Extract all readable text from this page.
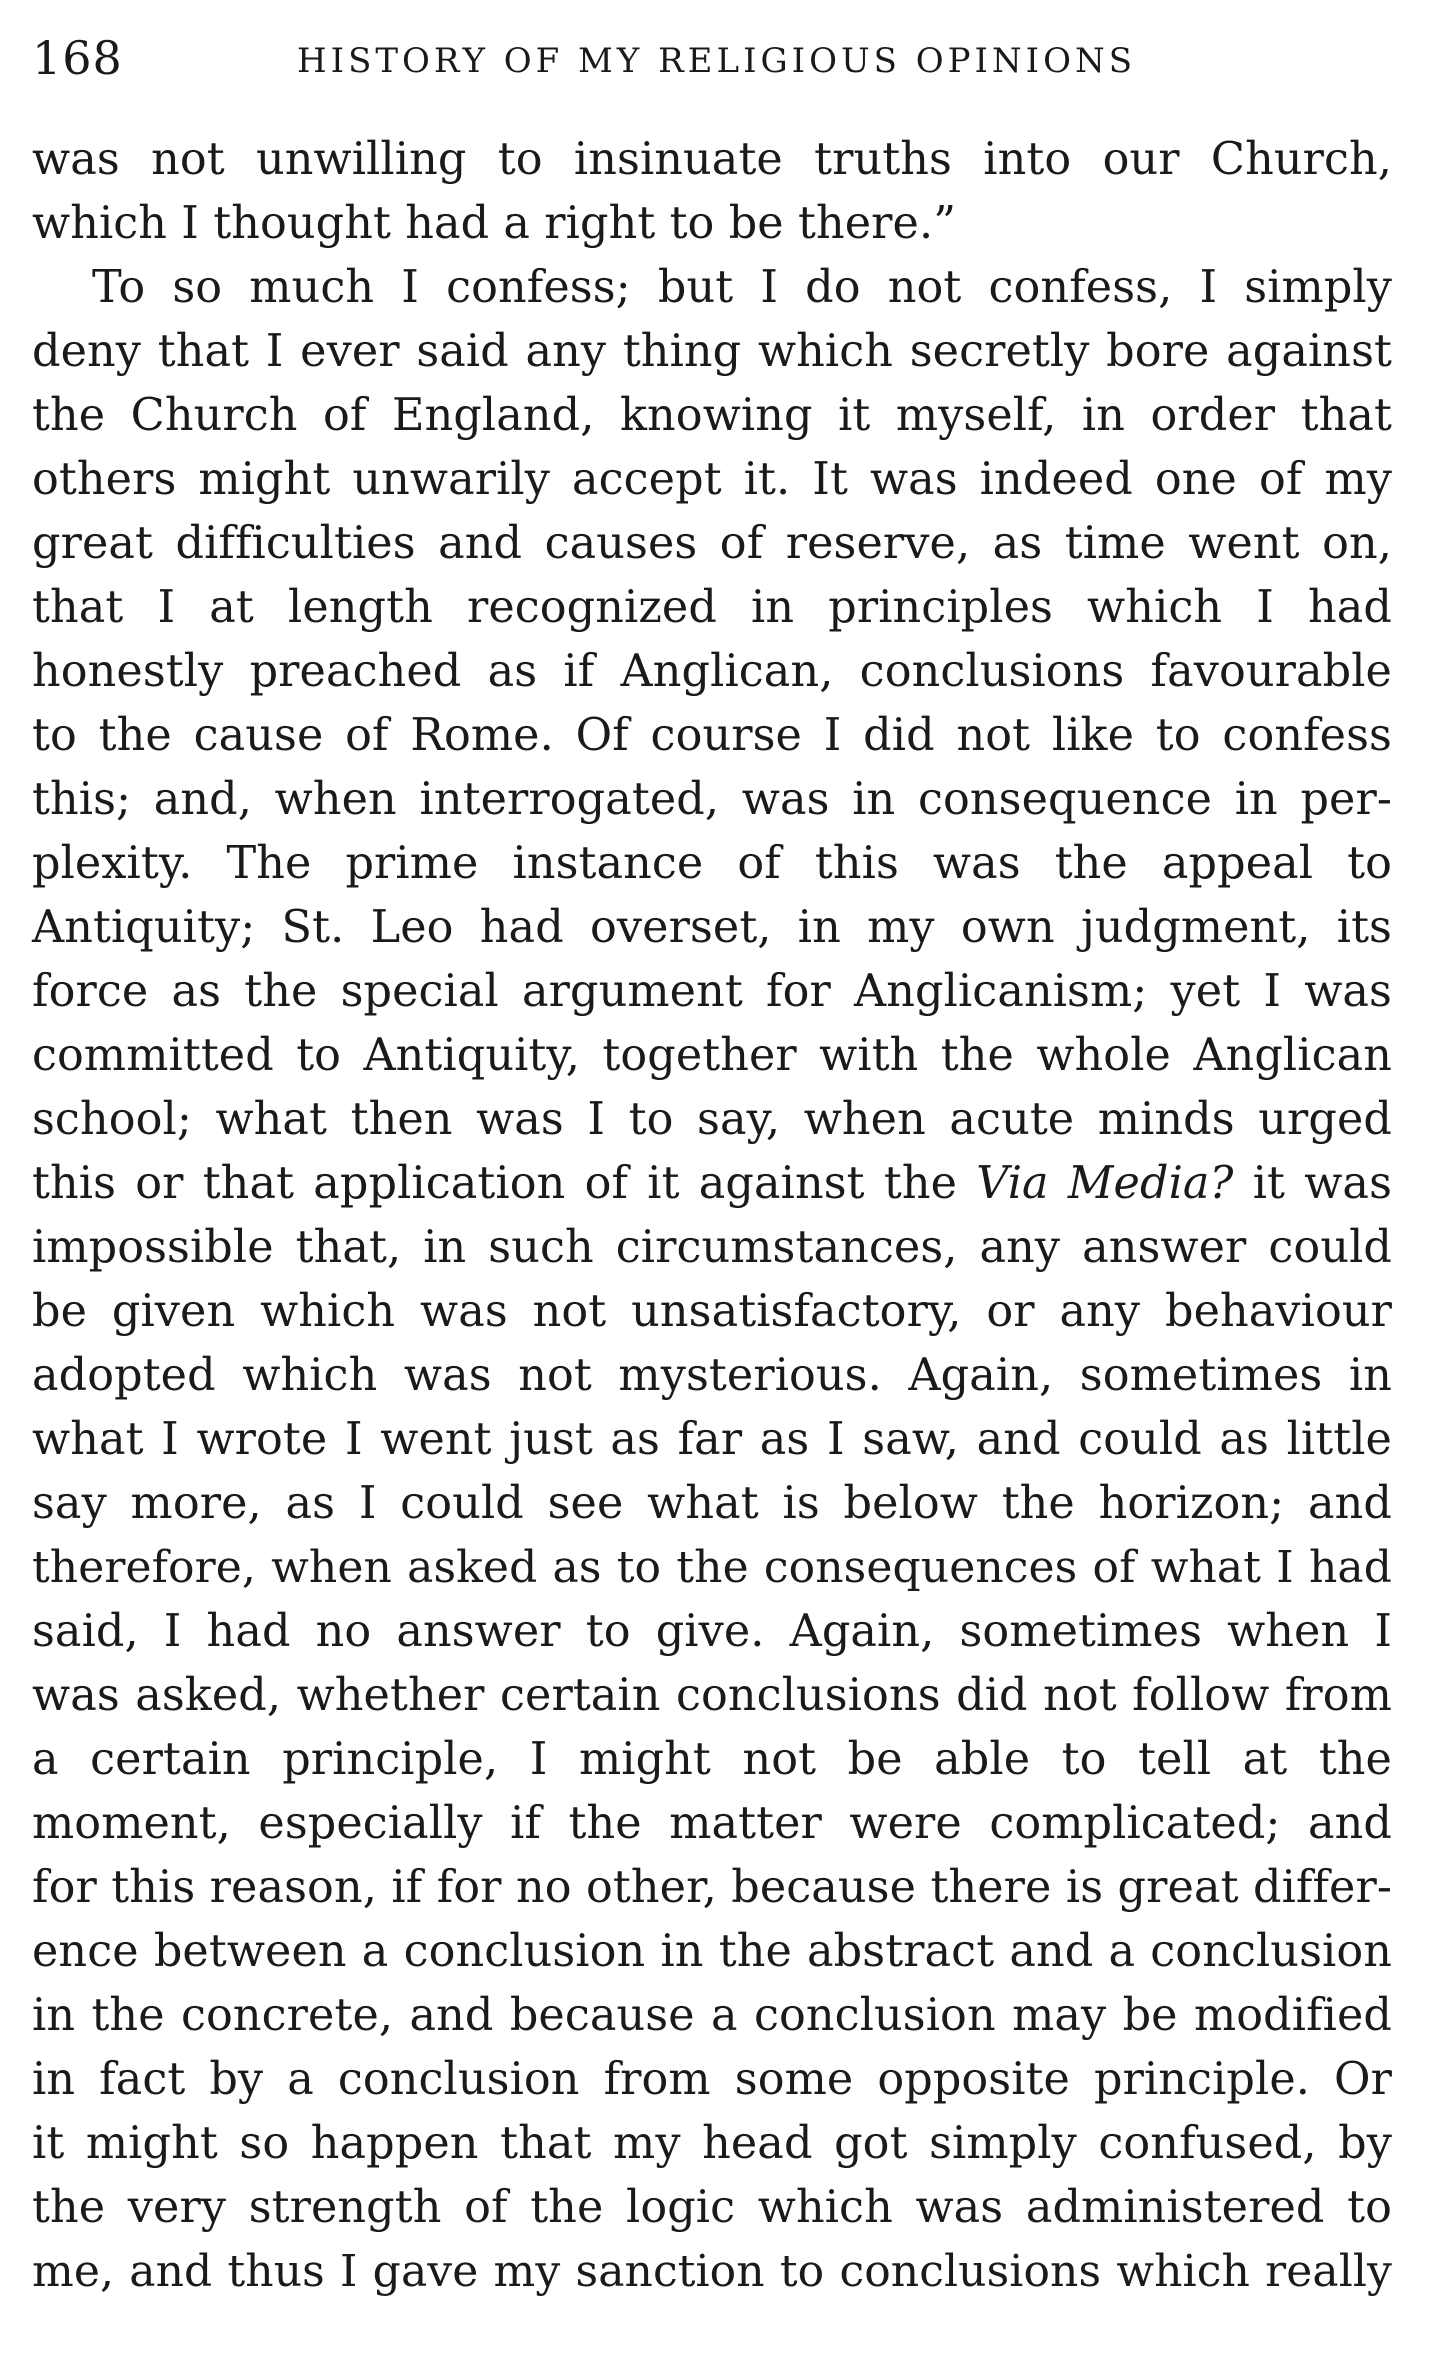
168	HISTORY OF MY RELIGIOUS OPINIONS
was not unwilling to insinuate truths into our Church,
which I thought had a right to be there.”
To so much I confess; but I do not confess, I simply
deny that I ever said any thing which secretly bore against
the Church of England, knowing it myself, in order that
others might unwarily accept it. It was indeed one of my
great difficulties and causes of reserve, as time went on,
that I at length recognized in principles which I had
honestly preached as if Anglican, conclusions favourable
to the cause of Rome. Of course I did not like to confess
this; and, when interrogated, was in consequence in per-
plexity. The prime instance of this was the appeal to
Antiquity; St. Leo had overset, in my own judgment, its
force as the special argument for Anglicanism; yet I was
committed to Antiquity, together with the whole Anglican
school; what then was I to say, when acute minds urged
this or that application of it against the Via Media? it was
impossible that, in such circumstances, any answer could
be given which was not unsatisfactory, or any behaviour
adopted which was not mysterious. Again, sometimes in
what I wrote I went just as far as I saw, and could as little
say more, as I could see what is below the horizon; and
therefore, when asked as to the consequences of what I had
said, I had no answer to give. Again, sometimes when I
was asked, whether certain conclusions did not follow from
a certain principle, I might not be able to tell at the
moment, especially if the matter were complicated; and
for this reason, if for no other, because there is great differ-
ence between a conclusion in the abstract and a conclusion
in the concrete, and because a conclusion may be modified
in fact by a conclusion from some opposite principle. Or
it might so happen that my head got simply confused, by
the very strength of the logic which was administered to
me, and thus I gave my sanction to conclusions which really
